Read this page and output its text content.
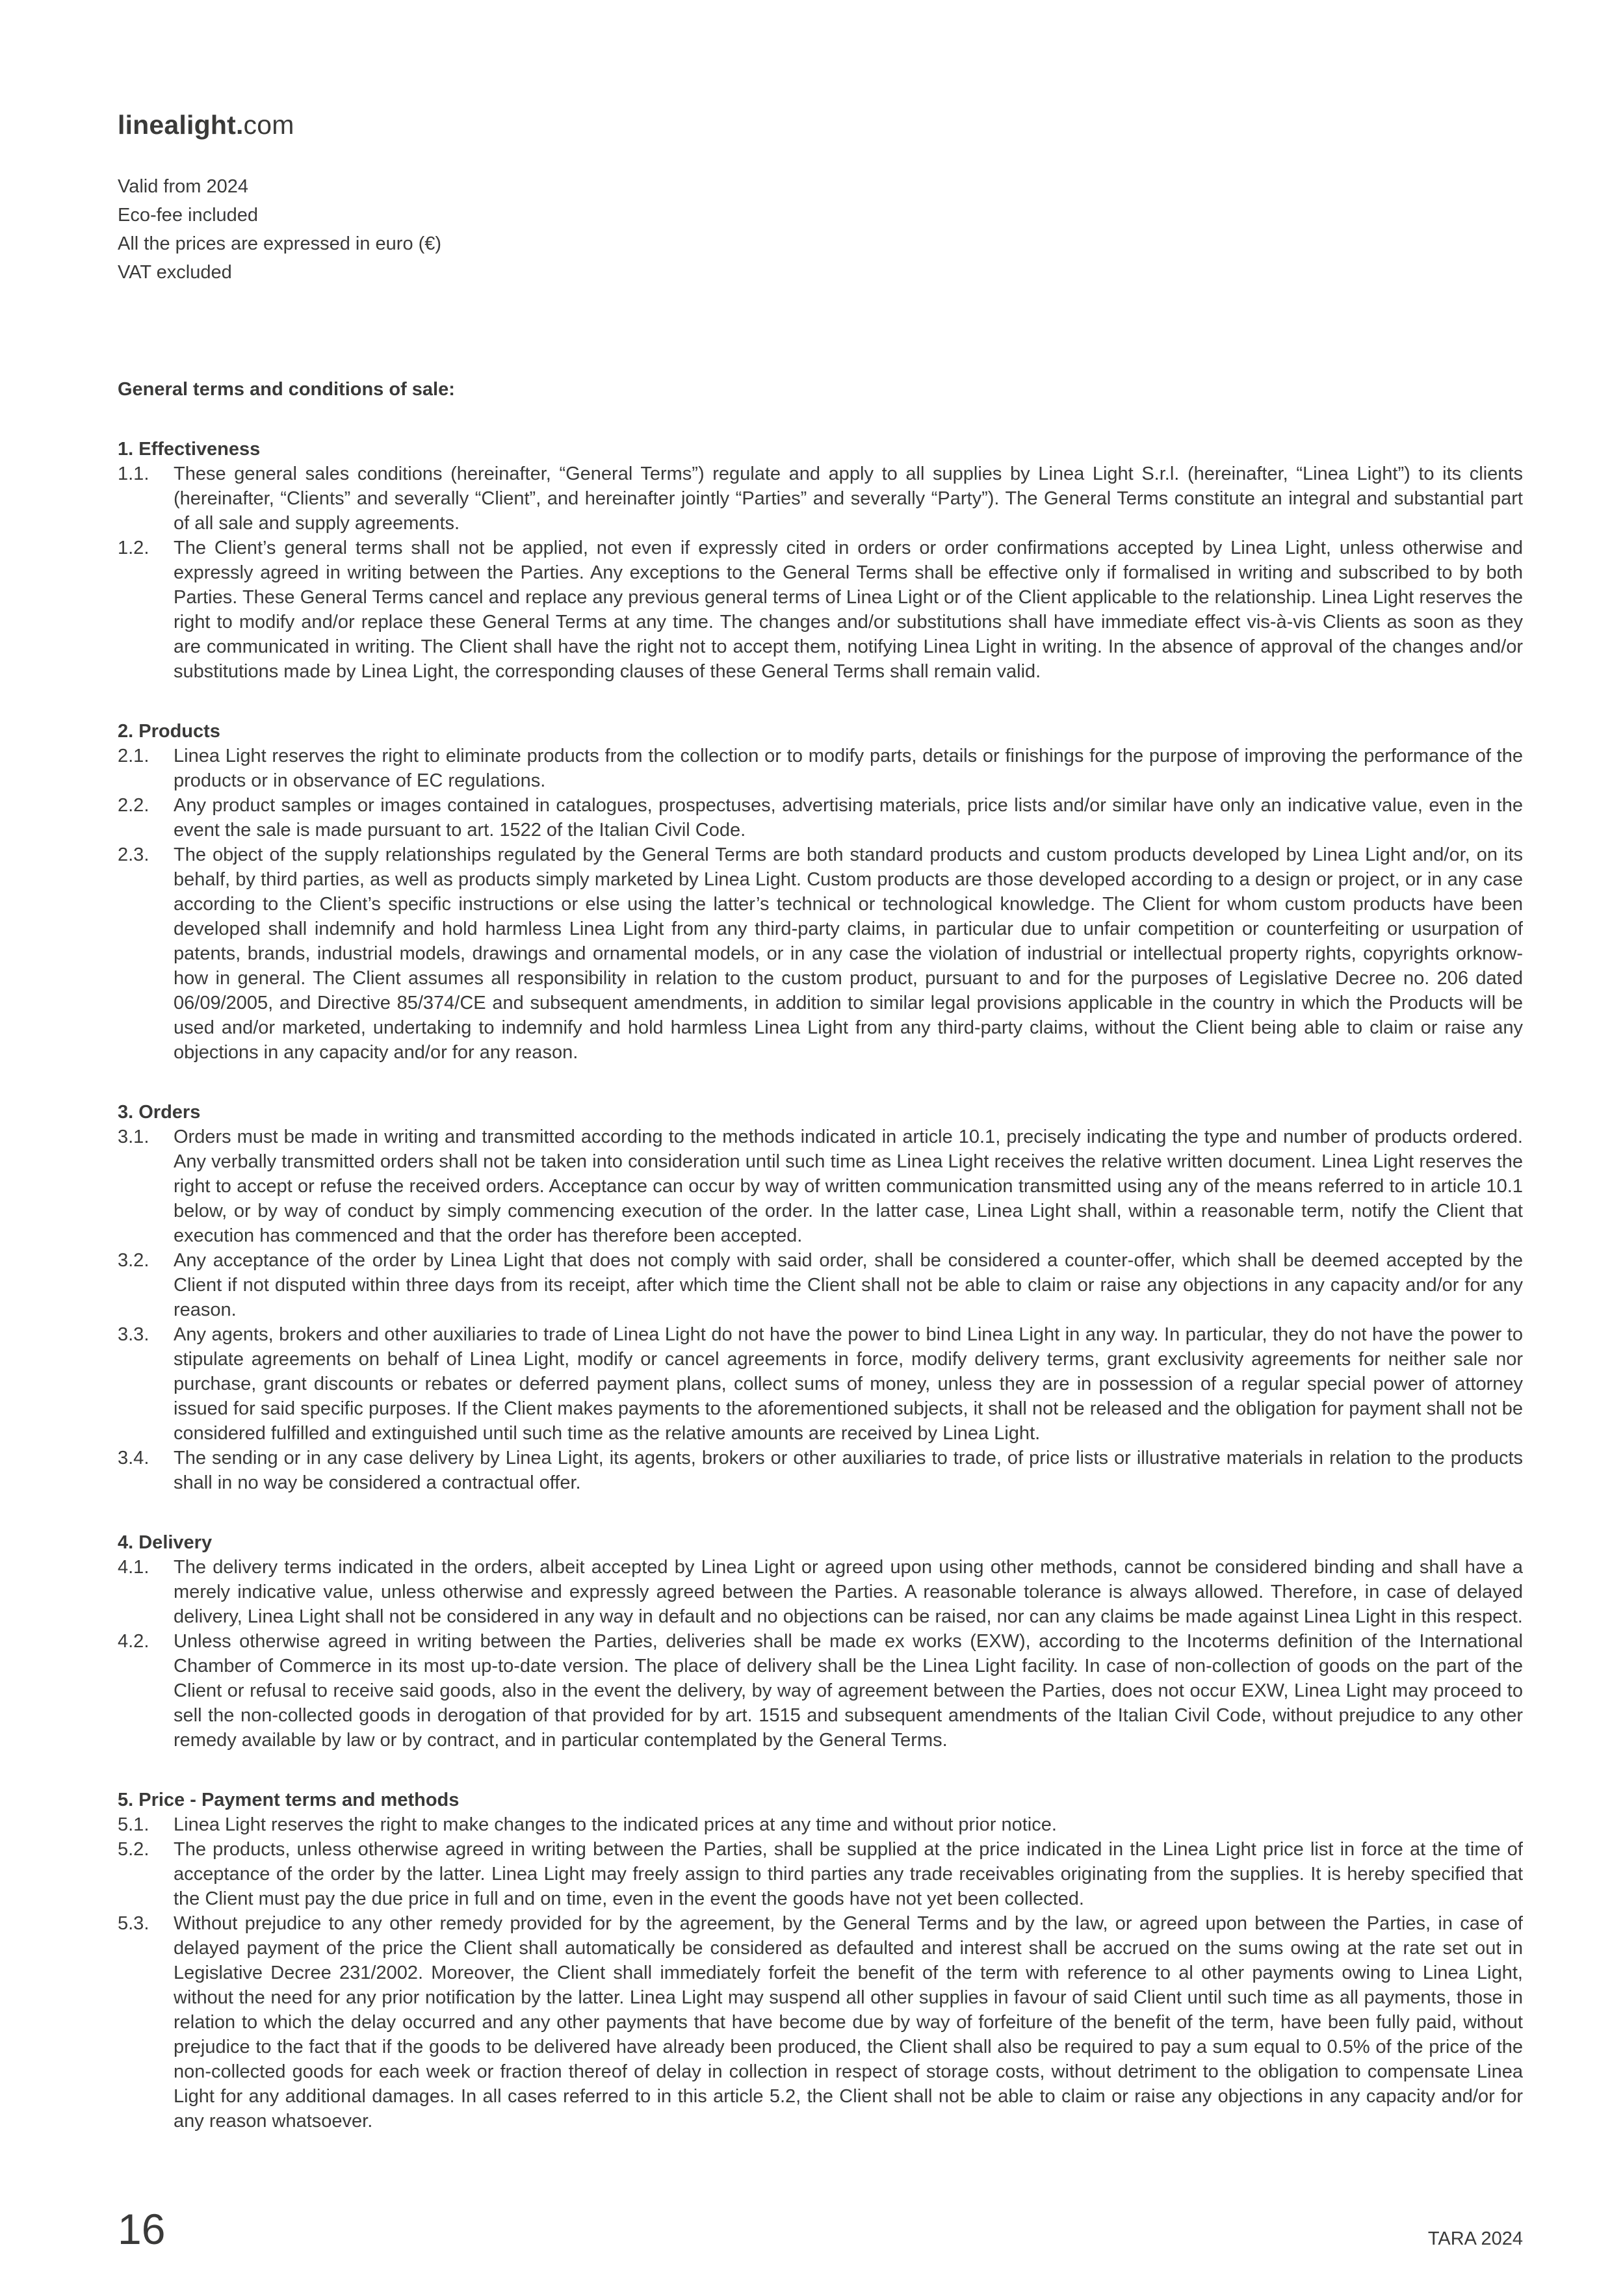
linealight.com
Valid from 2024
Eco-fee included
All the prices are expressed in euro (€)
VAT excluded
General terms and conditions of sale:
1. Effectiveness
1.1.	These general sales conditions (hereinafter, “General Terms”) regulate and apply to all supplies by Linea Light S.r.l. (hereinafter, “Linea Light”) to its clients (hereinafter, “Clients” and severally “Client”, and hereinafter jointly “Parties” and severally “Party”). The General Terms constitute an integral and substantial part of all sale and supply agreements.

1.2.	The Client’s general terms shall not be applied, not even if expressly cited in orders or order confirmations accepted by Linea Light, unless otherwise and expressly agreed in writing between the Parties. Any exceptions to the General Terms shall be effective only if formalised in writing and subscribed to by both Parties. These General Terms cancel and replace any previous general terms of Linea Light or of the Client applicable to the relationship. Linea Light reserves the right to modify and/or replace these General Terms at any time. The changes and/or substitutions shall have immediate effect vis-à-vis Clients as soon as they are communicated in writing. The Client shall have the right not to accept them, notifying Linea Light in writing. In the absence of approval of the changes and/or substitutions made by Linea Light, the corresponding clauses of these General Terms shall remain valid.

2. Products
2.1.	Linea Light reserves the right to eliminate products from the collection or to modify parts, details or finishings for the purpose of improving the performance of the products or in observance of EC regulations.

2.2.	Any product samples or images contained in catalogues, prospectuses, advertising materials, price lists and/or similar have only an indicative value, even in the event the sale is made pursuant to art. 1522 of the Italian Civil Code.

2.3.	The object of the supply relationships regulated by the General Terms are both standard products and custom products developed by Linea Light and/or, on its behalf, by third parties, as well as products simply marketed by Linea Light. Custom products are those developed according to a design or project, or in any case according to the Client’s specific instructions or else using the latter’s technical or technological knowledge. The Client for whom custom products have been developed shall indemnify and hold harmless Linea Light from any third-party claims, in particular due to unfair competition or counterfeiting or usurpation of patents, brands, industrial models, drawings and ornamental models, or in any case the violation of industrial or intellectual property rights, copyrights orknow-how in general. The Client assumes all responsibility in relation to the custom product, pursuant to and for the purposes of Legislative Decree no. 206 dated 06/09/2005, and Directive 85/374/CE and subsequent amendments, in addition to similar legal provisions applicable in the country in which the Products will be used and/or marketed, undertaking to indemnify and hold harmless Linea Light from any third-party claims, without the Client being able to claim or raise any objections in any capacity and/or for any reason.

3. Orders
3.1.	Orders must be made in writing and transmitted according to the methods indicated in article 10.1, precisely indicating the type and number of products ordered. Any verbally transmitted orders shall not be taken into consideration until such time as Linea Light receives the relative written document. Linea Light reserves the right to accept or refuse the received orders. Acceptance can occur by way of written communication transmitted using any of the means referred to in article 10.1 below, or by way of conduct by simply commencing execution of the order. In the latter case, Linea Light shall, within a reasonable term, notify the Client that execution has commenced and that the order has therefore been accepted.

3.2.	Any acceptance of the order by Linea Light that does not comply with said order, shall be considered a counter-offer, which shall be deemed accepted by the Client if not disputed within three days from its receipt, after which time the Client shall not be able to claim or raise any objections in any capacity and/or for any reason.

3.3.	Any agents, brokers and other auxiliaries to trade of Linea Light do not have the power to bind Linea Light in any way. In particular, they do not have the power to stipulate agreements on behalf of Linea Light, modify or cancel agreements in force, modify delivery terms, grant exclusivity agreements for neither sale nor purchase, grant discounts or rebates or deferred payment plans, collect sums of money, unless they are in possession of a regular special power of attorney issued for said specific purposes. If the Client makes payments to the aforementioned subjects, it shall not be released and the obligation for payment shall not be considered fulfilled and extinguished until such time as the relative amounts are received by Linea Light.

3.4.	The sending or in any case delivery by Linea Light, its agents, brokers or other auxiliaries to trade, of price lists or illustrative materials in relation to the products shall in no way be considered a contractual offer.

4. Delivery
4.1.	The delivery terms indicated in the orders, albeit accepted by Linea Light or agreed upon using other methods, cannot be considered binding and shall have a merely indicative value, unless otherwise and expressly agreed between the Parties. A reasonable tolerance is always allowed. Therefore, in case of delayed delivery, Linea Light shall not be considered in any way in default and no objections can be raised, nor can any claims be made against Linea Light in this respect.

4.2.	Unless otherwise agreed in writing between the Parties, deliveries shall be made ex works (EXW), according to the Incoterms definition of the International Chamber of Commerce in its most up-to-date version. The place of delivery shall be the Linea Light facility. In case of non-collection of goods on the part of the Client or refusal to receive said goods, also in the event the delivery, by way of agreement between the Parties, does not occur EXW, Linea Light may proceed to sell the non-collected goods in derogation of that provided for by art. 1515 and subsequent amendments of the Italian Civil Code, without prejudice to any other remedy available by law or by contract, and in particular contemplated by the General Terms.

5. Price - Payment terms and methods
5.1.	Linea Light reserves the right to make changes to the indicated prices at any time and without prior notice.

5.2.	The products, unless otherwise agreed in writing between the Parties, shall be supplied at the price indicated in the Linea Light price list in force at the time of acceptance of the order by the latter. Linea Light may freely assign to third parties any trade receivables originating from the supplies. It is hereby specified that the Client must pay the due price in full and on time, even in the event the goods have not yet been collected.

5.3.	Without prejudice to any other remedy provided for by the agreement, by the General Terms and by the law, or agreed upon between the Parties, in case of delayed payment of the price the Client shall automatically be considered as defaulted and interest shall be accrued on the sums owing at the rate set out in Legislative Decree 231/2002. Moreover, the Client shall immediately forfeit the benefit of the term with reference to al other payments owing to Linea Light, without the need for any prior notification by the latter. Linea Light may suspend all other supplies in favour of said Client until such time as all payments, those in relation to which the delay occurred and any other payments that have become due by way of forfeiture of the benefit of the term, have been fully paid, without prejudice to the fact that if the goods to be delivered have already been produced, the Client shall also be required to pay a sum equal to 0.5% of the price of the non-collected goods for each week or fraction thereof of delay in collection in respect of storage costs, without detriment to the obligation to compensate Linea Light for any additional damages. In all cases referred to in this article 5.2, the Client shall not be able to claim or raise any objections in any capacity and/or for any reason whatsoever.

16	TARA 2024
